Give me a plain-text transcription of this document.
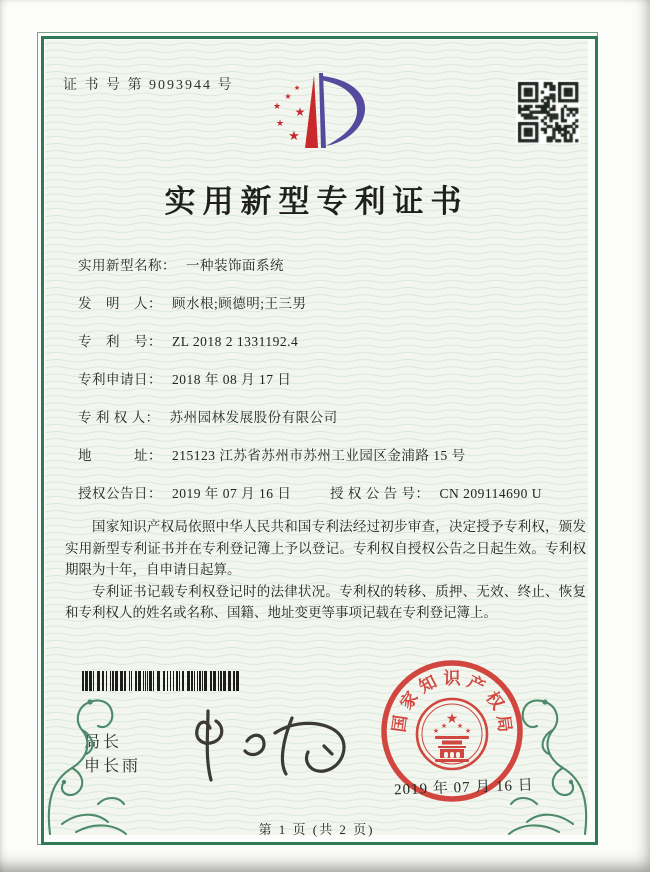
证 书 号 第 9093944 号	★
★
★ ★
★
★
实用新型专利证书
实用新型名称： 一种装饰面系统
发　明　人： 顾水根;顾德明;王三男
专　利　号： ZL 2018 2 1331192.4
专利申请日： 2018 年 08 月 17 日
专 利 权 人： 苏州园林发展股份有限公司
地　　　址： 215123 江苏省苏州市苏州工业园区金浦路 15 号
授权公告日： 2019 年 07 月 16 日	授 权 公 告 号： CN 209114690 U

国家知识产权局依照中华人民共和国专利法经过初步审查，决定授予专利权，颁发实用新型专利证书并在专利登记簿上予以登记。专利权自授权公告之日起生效。专利权期限为十年，自申请日起算。

专利证书记载专利权登记时的法律状况。专利权的转移、质押、无效、终止、恢复和专利权人的姓名或名称、国籍、地址变更等事项记载在专利登记簿上。

局长
申长雨
国
家
知 识 产
权
局
★
★
★ ★
★
2019 年 07 月 16 日
第 1 页 (共 2 页)
